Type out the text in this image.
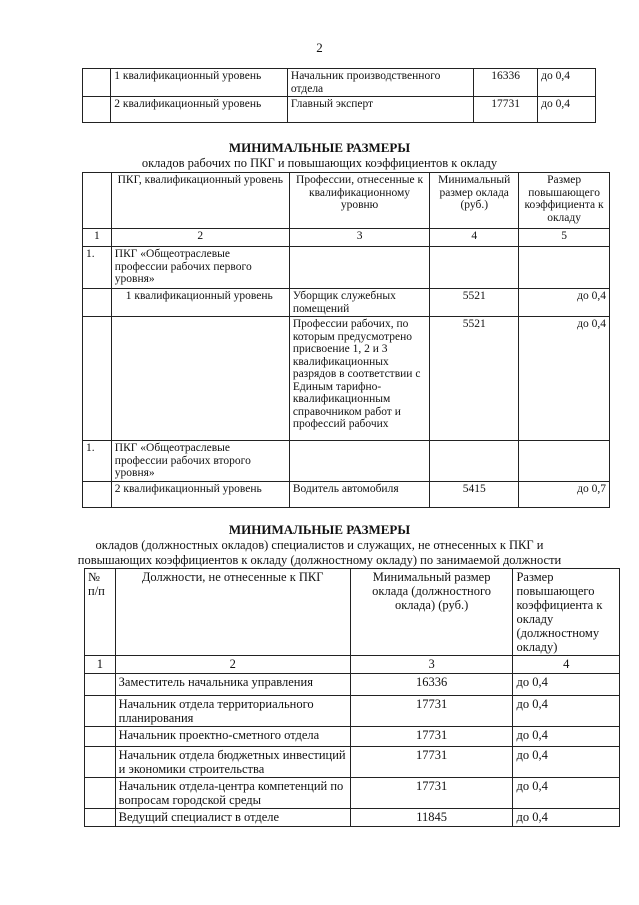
2
	1 квалификационный уровень	Начальник производственного отдела	16336	до 0,4
	2 квалификационный уровень	Главный эксперт	17731	до 0,4
МИНИМАЛЬНЫЕ РАЗМЕРЫ
окладов рабочих по ПКГ и повышающих коэффициентов к окладу
	ПКГ, квалификационный уровень	Профессии, отнесенные к квалификационному уровню	Минимальный размер оклада (руб.)	Размер повышающего коэффициента к окладу
1	2	3	4	5
1.	ПКГ «Общеотраслевые профессии рабочих первого уровня»			
	1 квалификационный уровень	Уборщик служебных помещений	5521	до 0,4
		Профессии рабочих, по которым предусмотрено присвоение 1, 2 и 3 квалификационных разрядов в соответствии с Единым тарифно-квалификационным справочником работ и профессий рабочих	5521	до 0,4
1.	ПКГ «Общеотраслевые профессии рабочих второго уровня»			
	2 квалификационный уровень	Водитель автомобиля	5415	до 0,7
МИНИМАЛЬНЫЕ РАЗМЕРЫ
окладов (должностных окладов) специалистов и служащих, не отнесенных к ПКГ и
повышающих коэффициентов к окладу (должностному окладу) по занимаемой должности
№ п/п	Должности, не отнесенные к ПКГ	Минимальный размер оклада (должностного оклада) (руб.)	Размер повышающего коэффициента к окладу (должностному окладу)
1	2	3	4
	Заместитель начальника управления	16336	до 0,4
	Начальник отдела территориального планирования	17731	до 0,4
	Начальник проектно-сметного отдела	17731	до 0,4
	Начальник отдела бюджетных инвестиций и экономики строительства	17731	до 0,4
	Начальник отдела-центра компетенций по вопросам городской среды	17731	до 0,4
	Ведущий специалист в отделе	11845	до 0,4
